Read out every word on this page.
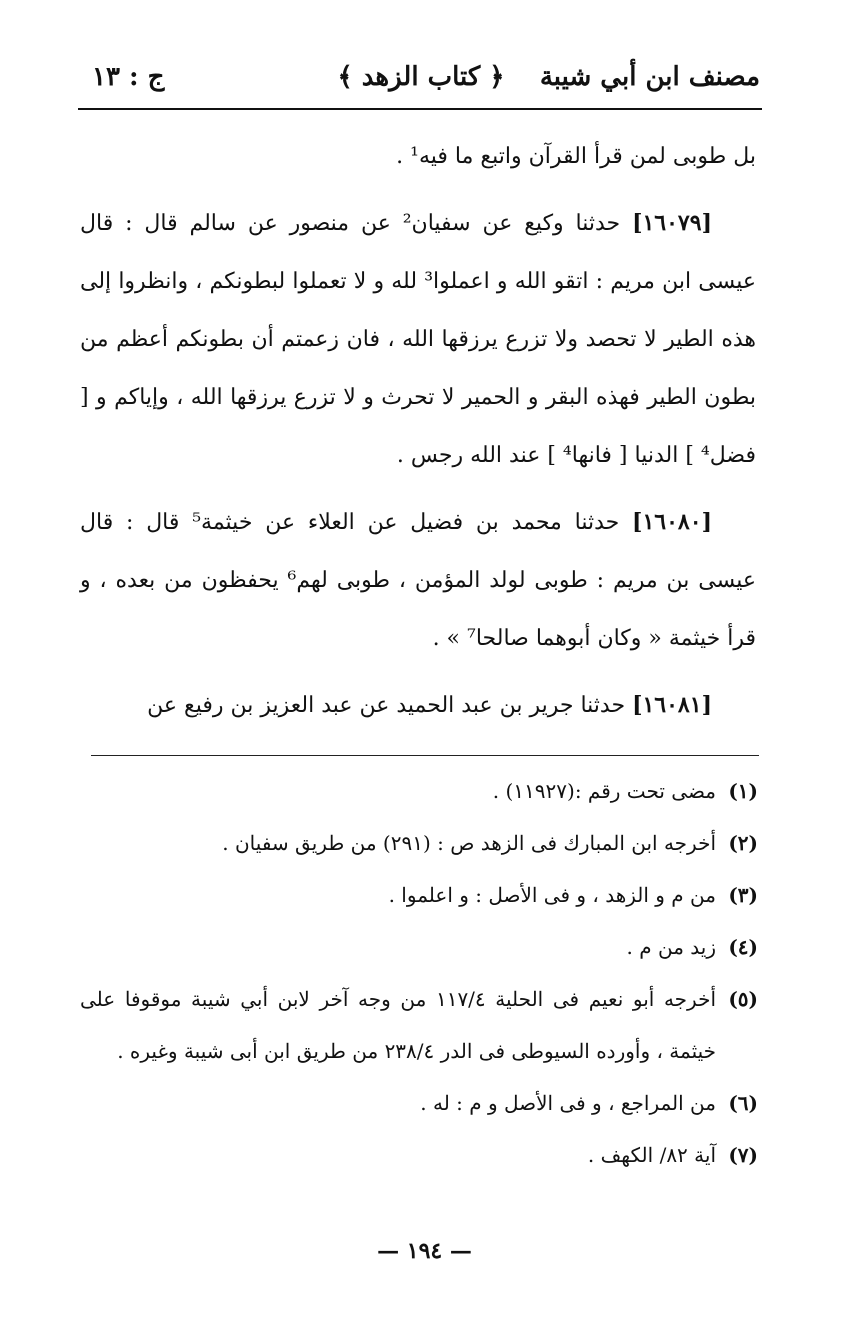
مصنف ابن أبي شيبة
﴿ كتاب الزهد ﴾
ج : ١٣

بل طوبى لمن قرأ القرآن واتبع ما فيه¹ .

[١٦٠٧٩] حدثنا وكيع عن سفيان² عن منصور عن سالم قال : قال عيسى ابن مريم : اتقو الله و اعملوا³ لله و لا تعملوا لبطونكم ، وانظروا إلى هذه الطير لا تحصد ولا تزرع يرزقها الله ، فان زعمتم أن بطونكم أعظم من بطون الطير فهذه البقر و الحمير لا تحرث و لا تزرع يرزقها الله ، وإياكم و [ فضل⁴ ] الدنيا [ فانها⁴ ] عند الله رجس .

[١٦٠٨٠] حدثنا محمد بن فضيل عن العلاء عن خيثمة⁵ قال : قال عيسى بن مريم : طوبى لولد المؤمن ، طوبى لهم⁶ يحفظون من بعده ، و قرأ خيثمة « وكان أبوهما صالحا⁷ » .

[١٦٠٨١] حدثنا جرير بن عبد الحميد عن عبد العزيز بن رفيع عن

(١)
مضى تحت رقم :(١١٩٢٧) .
(٢)
أخرجه ابن المبارك فى الزهد ص : (٢٩١) من طريق سفيان .
(٣)
من م و الزهد ، و فى الأصل : و اعلموا .
(٤)
زيد من م .
(٥)
أخرجه أبو نعيم فى الحلية ١١٧/٤ من وجه آخر لابن أبي شيبة موقوفا على خيثمة ، وأورده السيوطى فى الدر ٢٣٨/٤ من طريق ابن أبى شيبة وغيره .
(٦)
من المراجع ، و فى الأصل و م : له .
(٧)
آية ٨٢/ الكهف .
— ١٩٤ —
